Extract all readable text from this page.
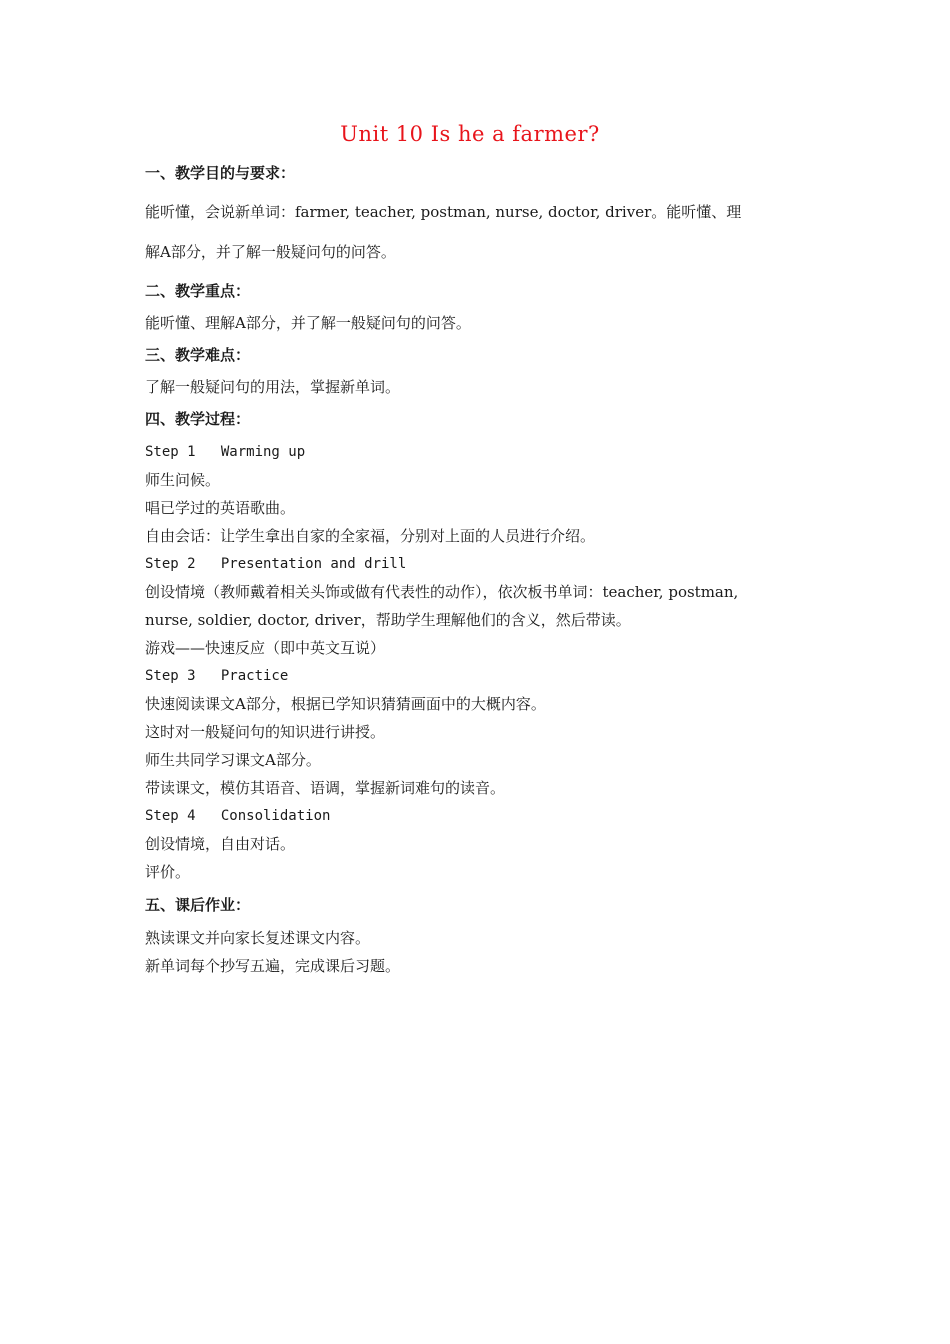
Unit 10 Is he a farmer?

一、教学目的与要求：

能听懂，会说新单词：farmer, teacher, postman, nurse, doctor, driver。能听懂、理

解A部分，并了解一般疑问句的问答。

二、教学重点：

能听懂、理解A部分，并了解一般疑问句的问答。

三、教学难点：

了解一般疑问句的用法，掌握新单词。

四、教学过程：

Step 1   Warming up

师生问候。

唱已学过的英语歌曲。

自由会话：让学生拿出自家的全家福，分别对上面的人员进行介绍。

Step 2   Presentation and drill

创设情境（教师戴着相关头饰或做有代表性的动作），依次板书单词：teacher, postman,

nurse, soldier, doctor, driver，帮助学生理解他们的含义，然后带读。

游戏——快速反应（即中英文互说）

Step 3   Practice

快速阅读课文A部分，根据已学知识猜猜画面中的大概内容。

这时对一般疑问句的知识进行讲授。

师生共同学习课文A部分。

带读课文，模仿其语音、语调，掌握新词难句的读音。

Step 4   Consolidation

创设情境，自由对话。

评价。

五、课后作业：

熟读课文并向家长复述课文内容。

新单词每个抄写五遍，完成课后习题。
